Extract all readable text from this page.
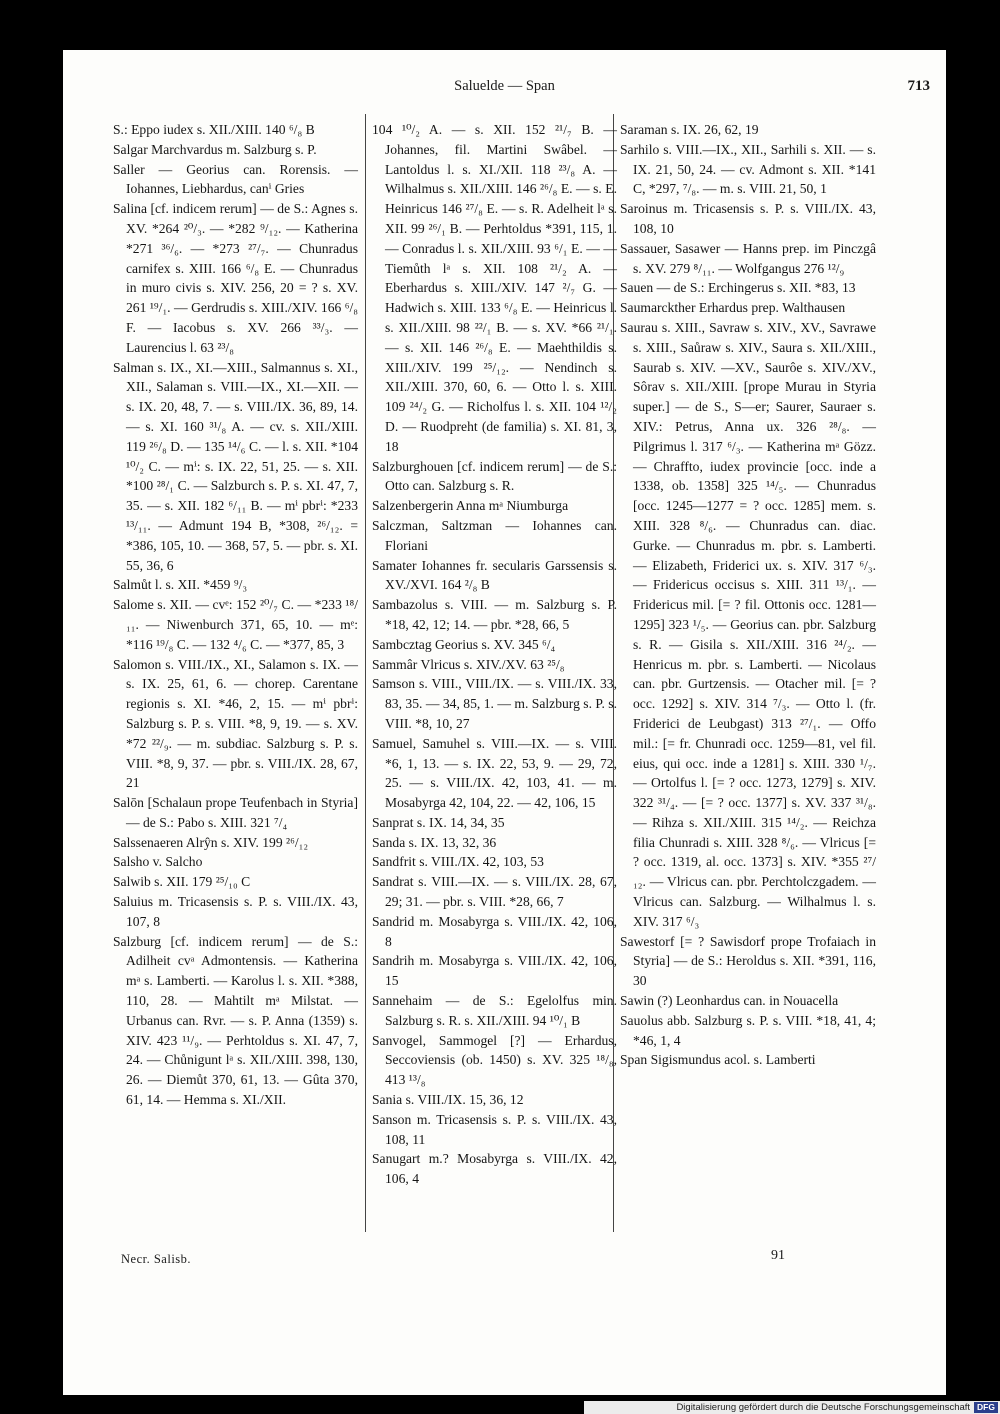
Saluelde — Span	713

S.: Eppo iudex s. XII./XIII. 140 ⁶/₈ B

Salgar Marchvardus m. Salzburg s. P.

Saller — Georius can. Rorensis. — Iohannes, Liebhardus, canⁱ Gries

Salina [cf. indicem rerum] — de S.: Agnes s. XV. *264 ²⁰/₃. — *282 ⁹/₁₂. — Katherina *271 ³⁶/₆. — *273 ²⁷/₇. — Chunradus carnifex s. XIII. 166 ⁶/₈ E. — Chunradus in muro civis s. XIV. 256, 20 = ? s. XV. 261 ¹⁹/₁. — Gerdrudis s. XIII./XIV. 166 ⁶/₈ F. — Iacobus s. XV. 266 ³³/₃. — Laurencius l. 63 ²³/₈

Salman s. IX., XI.—XIII., Salmannus s. XI., XII., Salaman s. VIII.—IX., XI.—XII. — s. IX. 20, 48, 7. — s. VIII./IX. 36, 89, 14. — s. XI. 160 ³¹/₈ A. — cv. s. XII./XIII. 119 ²⁶/₈ D. — 135 ¹⁴/₆ C. — l. s. XII. *104 ¹⁰/₂ C. — mⁱ: s. IX. 22, 51, 25. — s. XII. *100 ²⁸/₁ C. — Salzburch s. P. s. XI. 47, 7, 35. — s. XII. 182 ⁶/₁₁ B. — mⁱ pbrⁱ: *233 ¹³/₁₁. — Admunt 194 B, *308, ²⁶/₁₂. = *386, 105, 10. — 368, 57, 5. — pbr. s. XI. 55, 36, 6

Salmůt l. s. XII. *459 ⁹/₃

Salome s. XII. — cvᵉ: 152 ²⁰/₇ C. — *233 ¹⁸/₁₁. — Niwenburch 371, 65, 10. — mᵉ: *116 ¹⁹/₈ C. — 132 ⁴/₆ C. — *377, 85, 3

Salomon s. VIII./IX., XI., Salamon s. IX. — s. IX. 25, 61, 6. — chorep. Carentane regionis s. XI. *46, 2, 15. — mⁱ pbrⁱ: Salzburg s. P. s. VIII. *8, 9, 19. — s. XV. *72 ²²/₉. — m. subdiac. Salzburg s. P. s. VIII. *8, 9, 37. — pbr. s. VIII./IX. 28, 67, 21

Salōn [Schalaun prope Teufenbach in Styria] — de S.: Pabo s. XIII. 321 ⁷/₄

Salssenaeren Alrŷn s. XIV. 199 ²⁶/₁₂

Salsho v. Salcho

Salwib s. XII. 179 ²⁵/₁₀ C

Saluius m. Tricasensis s. P. s. VIII./IX. 43, 107, 8

Salzburg [cf. indicem rerum] — de S.: Adilheit cvᵃ Admontensis. — Katherina mᵃ s. Lamberti. — Karolus l. s. XII. *388, 110, 28. — Mahtilt mᵃ Milstat. — Urbanus can. Rvr. — s. P. Anna (1359) s. XIV. 423 ¹¹/₉. — Perhtoldus s. XI. 47, 7, 24. — Chůnigunt lᵃ s. XII./XIII. 398, 130, 26. — Diemůt 370, 61, 13. — Gûta 370, 61, 14. — Hemma s. XI./XII.

104 ¹⁰/₂ A. — s. XII. 152 ²¹/₇ B. — Johannes, fil. Martini Swâbel. — Lantoldus l. s. XI./XII. 118 ²³/₈ A. — Wilhalmus s. XII./XIII. 146 ²⁶/₈ E. — s. E. Heinricus 146 ²⁷/₈ E. — s. R. Adelheit lᵃ s. XII. 99 ²⁶/₁ B. — Perhtoldus *391, 115, 1. — Conradus l. s. XII./XIII. 93 ⁶/₁ E. — — Tiemůth lᵃ s. XII. 108 ²¹/₂ A. — Eberhardus s. XIII./XIV. 147 ²/₇ G. — Hadwich s. XIII. 133 ⁶/₈ E. — Heinricus l. s. XII./XIII. 98 ²²/₁ B. — s. XV. *66 ²¹/₁. — s. XII. 146 ²⁶/₈ E. — Maehthildis s. XIII./XIV. 199 ²⁵/₁₂. — Nendinch s. XII./XIII. 370, 60, 6. — Otto l. s. XIII. 109 ²⁴/₂ G. — Richolfus l. s. XII. 104 ¹²/₂ D. — Ruodpreht (de familia) s. XI. 81, 3, 18

Salzburghouen [cf. indicem rerum] — de S.: Otto can. Salzburg s. R.

Salzenbergerin Anna mᵃ Niumburga

Salczman, Saltzman — Iohannes can. Floriani

Samater Iohannes fr. secularis Garssensis s. XV./XVI. 164 ²/₈ B

Sambazolus s. VIII. — m. Salzburg s. P. *18, 42, 12; 14. — pbr. *28, 66, 5

Sambcztag Georius s. XV. 345 ⁶/₄

Sammâr Vlricus s. XIV./XV. 63 ²⁵/₈

Samson s. VIII., VIII./IX. — s. VIII./IX. 33, 83, 35. — 34, 85, 1. — m. Salzburg s. P. s. VIII. *8, 10, 27

Samuel, Samuhel s. VIII.—IX. — s. VIII. *6, 1, 13. — s. IX. 22, 53, 9. — 29, 72, 25. — s. VIII./IX. 42, 103, 41. — m. Mosabyrga 42, 104, 22. — 42, 106, 15

Sanprat s. IX. 14, 34, 35

Sanda s. IX. 13, 32, 36

Sandfrit s. VIII./IX. 42, 103, 53

Sandrat s. VIII.—IX. — s. VIII./IX. 28, 67, 29; 31. — pbr. s. VIII. *28, 66, 7

Sandrid m. Mosabyrga s. VIII./IX. 42, 106, 8

Sandrih m. Mosabyrga s. VIII./IX. 42, 106, 15

Sannehaim — de S.: Egelolfus min. Salzburg s. R. s. XII./XIII. 94 ¹⁰/₁ B

Sanvogel, Sammogel [?] — Erhardus, Seccoviensis (ob. 1450) s. XV. 325 ¹⁸/₈, 413 ¹³/₈

Sania s. VIII./IX. 15, 36, 12

Sanson m. Tricasensis s. P. s. VIII./IX. 43, 108, 11

Sanugart m.? Mosabyrga s. VIII./IX. 42, 106, 4

Saraman s. IX. 26, 62, 19

Sarhilo s. VIII.—IX., XII., Sarhili s. XII. — s. IX. 21, 50, 24. — cv. Admont s. XII. *141 C, *297, ⁷/₈. — m. s. VIII. 21, 50, 1

Saroinus m. Tricasensis s. P. s. VIII./IX. 43, 108, 10

Sassauer, Sasawer — Hanns prep. im Pinczgâ s. XV. 279 ⁸/₁₁. — Wolfgangus 276 ¹²/₉

Sauen — de S.: Erchingerus s. XII. *83, 13

Saumarckther Erhardus prep. Walthausen

Saurau s. XIII., Savraw s. XIV., XV., Savrawe s. XIII., Saůraw s. XIV., Saura s. XII./XIII., Saurab s. XIV. —XV., Saurôe s. XIV./XV., Sôrav s. XII./XIII. [prope Murau in Styria super.] — de S., S—er; Saurer, Sauraer s. XIV.: Petrus, Anna ux. 326 ²⁸/₈. — Pilgrimus l. 317 ⁶/₃. — Katherina mᵃ Gözz. — Chraffto, iudex provincie [occ. inde a 1338, ob. 1358] 325 ¹⁴/₅. — Chunradus [occ. 1245—1277 = ? occ. 1285] mem. s. XIII. 328 ⁸/₆. — Chunradus can. diac. Gurke. — Chunradus m. pbr. s. Lamberti. — Elizabeth, Friderici ux. s. XIV. 317 ⁶/₃. — Fridericus occisus s. XIII. 311 ¹³/₁. — Fridericus mil. [= ? fil. Ottonis occ. 1281—1295] 323 ¹/₅. — Georius can. pbr. Salzburg s. R. — Gisila s. XII./XIII. 316 ²⁴/₂. — Henricus m. pbr. s. Lamberti. — Nicolaus can. pbr. Gurtzensis. — Otacher mil. [= ? occ. 1292] s. XIV. 314 ⁷/₃. — Otto l. (fr. Friderici de Leubgast) 313 ²⁷/₁. — Offo mil.: [= fr. Chunradi occ. 1259—81, vel fil. eius, qui occ. inde a 1281] s. XIII. 330 ¹/₇. — Ortolfus l. [= ? occ. 1273, 1279] s. XIV. 322 ³¹/₄. — [= ? occ. 1377] s. XV. 337 ³¹/₈. — Rihza s. XII./XIII. 315 ¹⁴/₂. — Reichza filia Chunradi s. XIII. 328 ⁸/₆. — Vlricus [= ? occ. 1319, al. occ. 1373] s. XIV. *355 ²⁷/₁₂. — Vlricus can. pbr. Perchtolczgadem. — Vlricus can. Salzburg. — Wilhalmus l. s. XIV. 317 ⁶/₃

Sawestorf [= ? Sawisdorf prope Trofaiach in Styria] — de S.: Heroldus s. XII. *391, 116, 30

Sawin (?) Leonhardus can. in Nouacella

Sauolus abb. Salzburg s. P. s. VIII. *18, 41, 4; *46, 1, 4

Span Sigismundus acol. s. Lamberti

Necr. Salisb.	91
Digitalisierung gefördert durch die Deutsche Forschungsgemeinschaft DFG
